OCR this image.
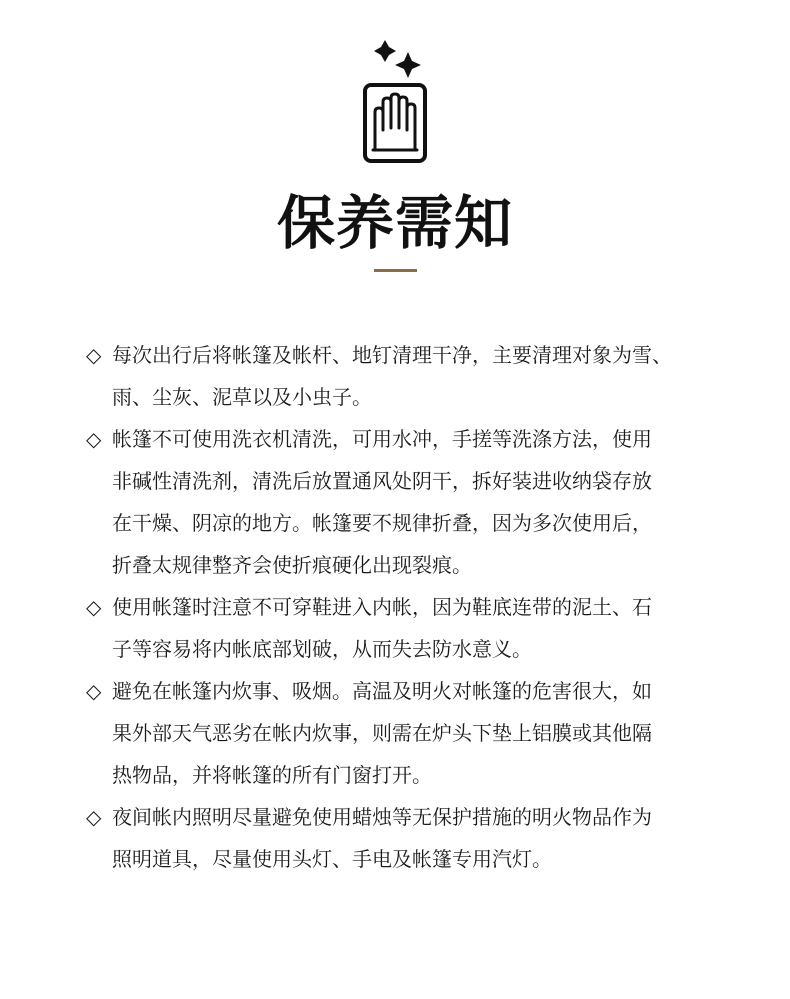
保养需知
◇ 每次出行后将帐篷及帐杆、地钉清理干净，主要清理对象为雪、
雨、尘灰、泥草以及小虫子。
◇ 帐篷不可使用洗衣机清洗，可用水冲，手搓等洗涤方法，使用
非碱性清洗剂，清洗后放置通风处阴干，拆好装进收纳袋存放
在干燥、阴凉的地方。帐篷要不规律折叠，因为多次使用后，
折叠太规律整齐会使折痕硬化出现裂痕。
◇ 使用帐篷时注意不可穿鞋进入内帐，因为鞋底连带的泥土、石
子等容易将内帐底部划破，从而失去防水意义。
◇ 避免在帐篷内炊事、吸烟。高温及明火对帐篷的危害很大，如
果外部天气恶劣在帐内炊事，则需在炉头下垫上铝膜或其他隔
热物品，并将帐篷的所有门窗打开。
◇ 夜间帐内照明尽量避免使用蜡烛等无保护措施的明火物品作为
照明道具，尽量使用头灯、手电及帐篷专用汽灯。
